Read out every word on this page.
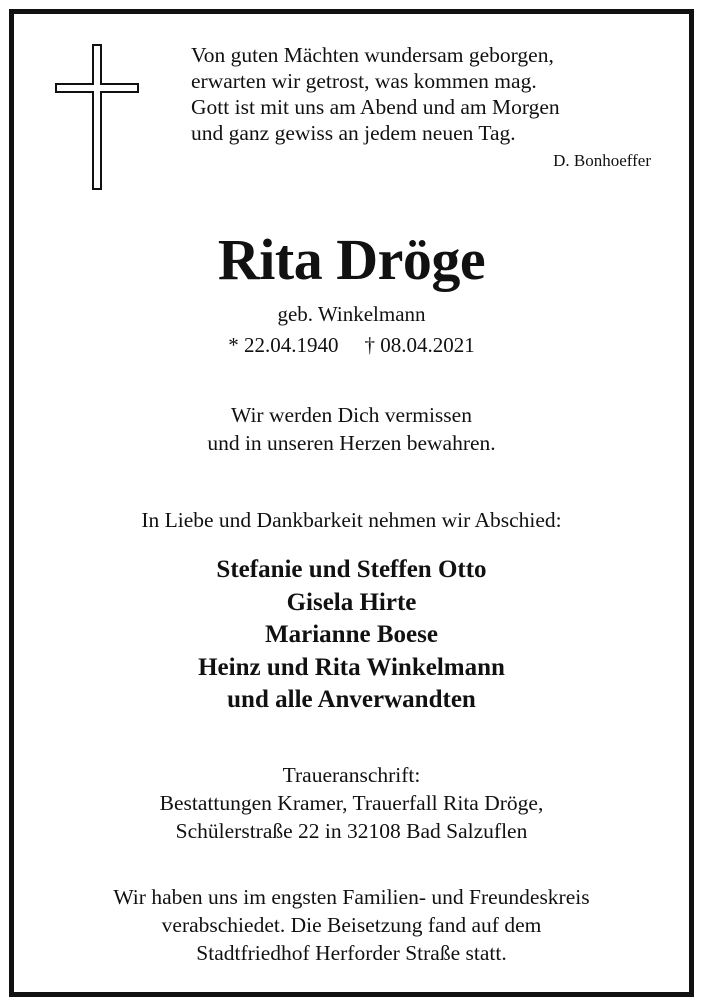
Von guten Mächten wundersam geborgen,
erwarten wir getrost, was kommen mag.
Gott ist mit uns am Abend und am Morgen
und ganz gewiss an jedem neuen Tag.
D. Bonhoeffer
Rita Dröge
geb. Winkelmann
* 22.04.1940 † 08.04.2021
Wir werden Dich vermissen
und in unseren Herzen bewahren.
In Liebe und Dankbarkeit nehmen wir Abschied:
Stefanie und Steffen Otto
Gisela Hirte
Marianne Boese
Heinz und Rita Winkelmann
und alle Anverwandten
Traueranschrift:
Bestattungen Kramer, Trauerfall Rita Dröge,
Schülerstraße 22 in 32108 Bad Salzuflen
Wir haben uns im engsten Familien- und Freundeskreis
verabschiedet. Die Beisetzung fand auf dem
Stadtfriedhof Herforder Straße statt.
